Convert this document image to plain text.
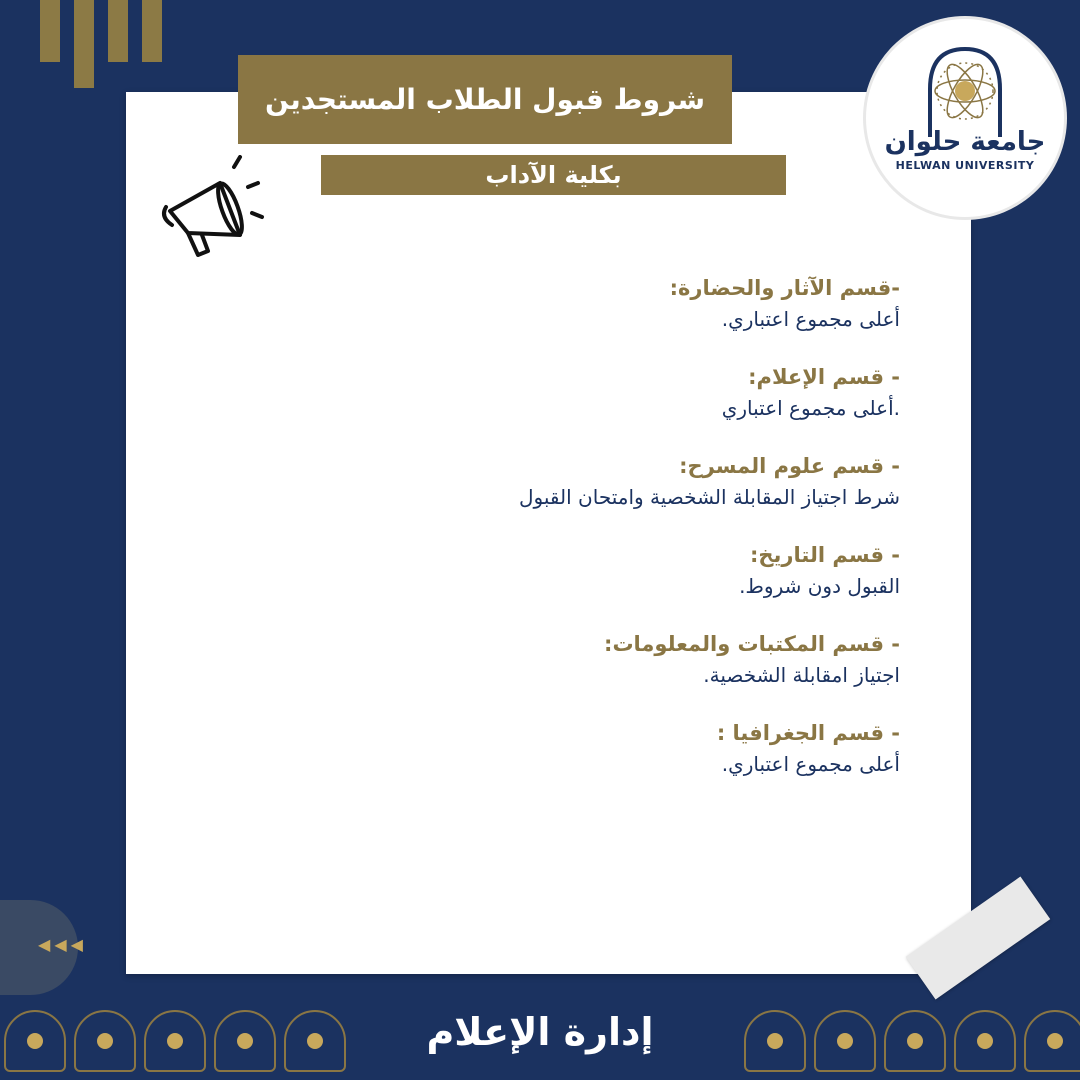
شروط قبول الطلاب المستجدين
بكلية الآداب
جامعة حلوان
HELWAN UNIVERSITY
-قسم الآثار والحضارة:
أعلى مجموع اعتباري.
- قسم الإعلام:
.أعلى مجموع اعتباري
- قسم علوم المسرح:
شرط اجتياز المقابلة الشخصية وامتحان القبول
- قسم التاريخ:
القبول دون شروط.
- قسم المكتبات والمعلومات:
اجتياز امقابلة الشخصية.
- قسم الجغرافيا :
أعلى مجموع اعتباري.
◀ ◀ ◀
إدارة الإعلام
